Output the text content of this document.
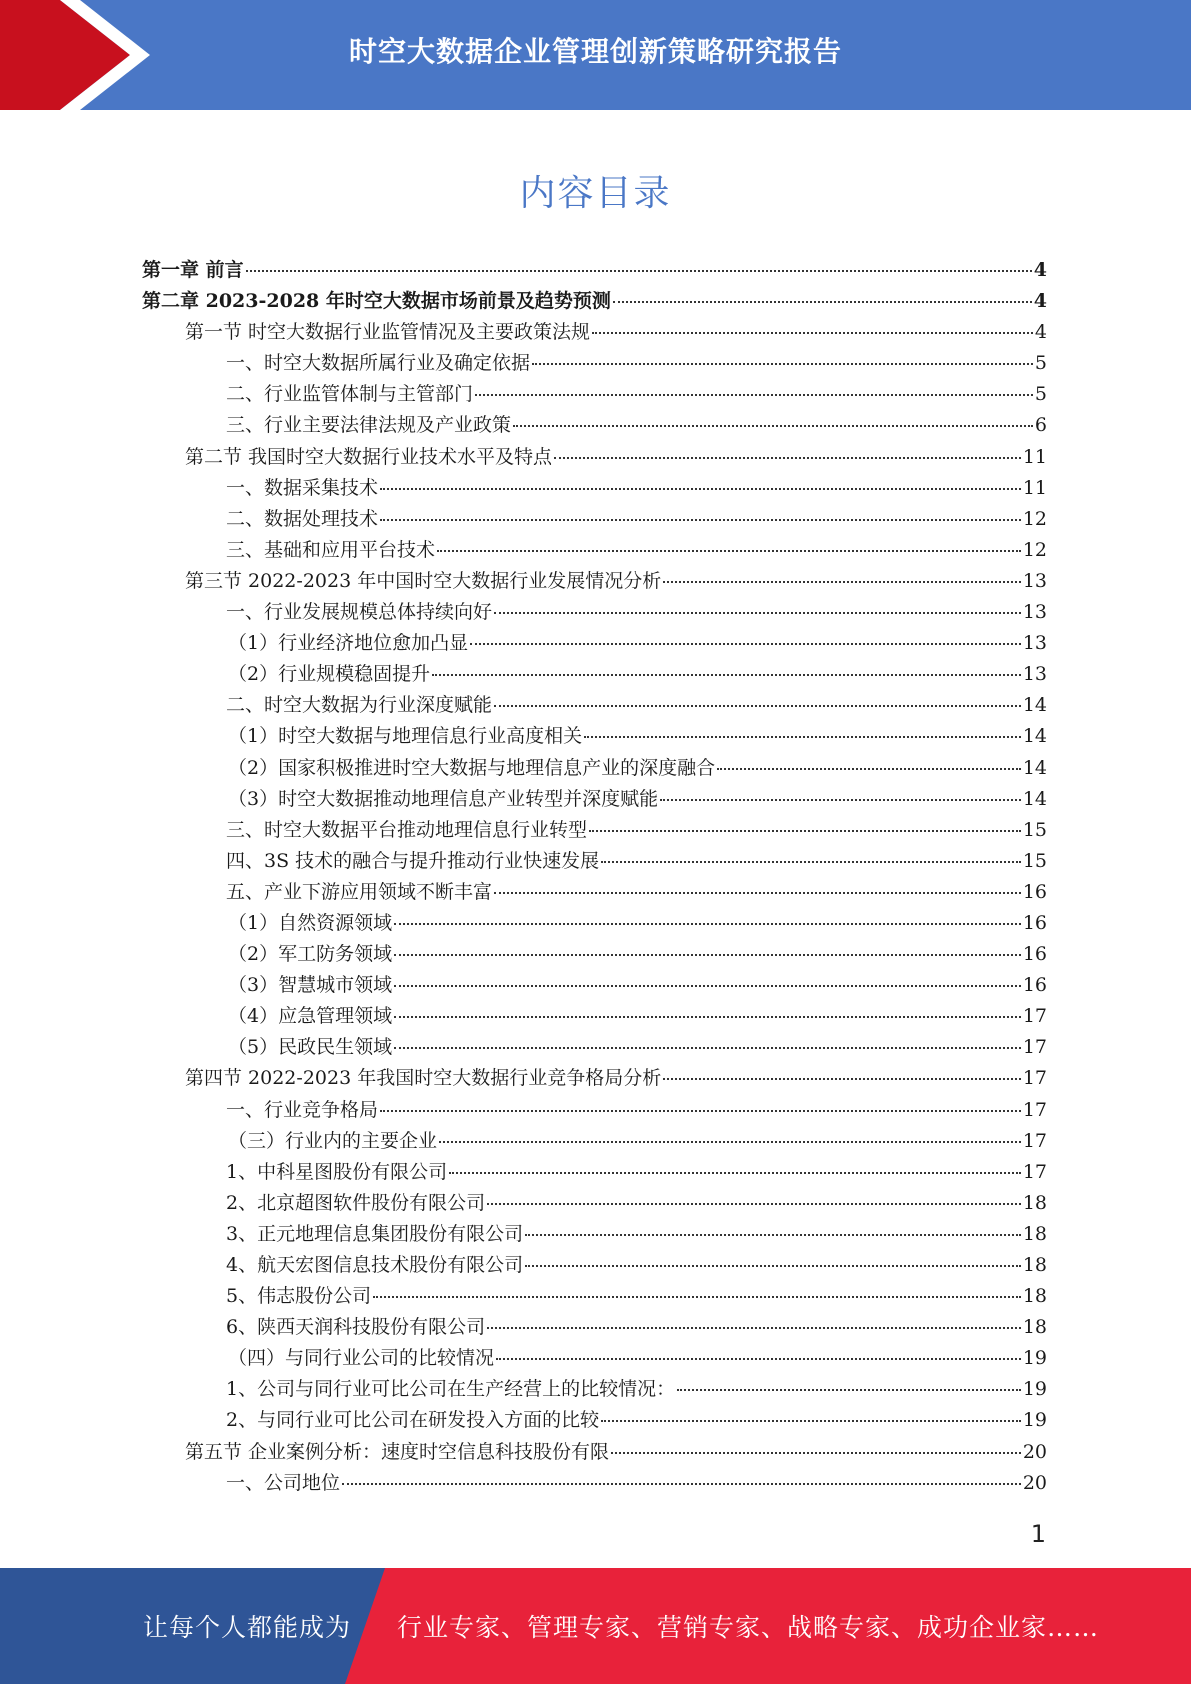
时空大数据企业管理创新策略研究报告
内容目录
第一章 前言	4
第二章 2023-2028 年时空大数据市场前景及趋势预测	4
第一节 时空大数据行业监管情况及主要政策法规	4
一、时空大数据所属行业及确定依据	5
二、行业监管体制与主管部门	5
三、行业主要法律法规及产业政策	6
第二节 我国时空大数据行业技术水平及特点	11
一、数据采集技术	11
二、数据处理技术	12
三、基础和应用平台技术	12
第三节 2022-2023 年中国时空大数据行业发展情况分析	13
一、行业发展规模总体持续向好	13
（1）行业经济地位愈加凸显	13
（2）行业规模稳固提升	13
二、时空大数据为行业深度赋能	14
（1）时空大数据与地理信息行业高度相关	14
（2）国家积极推进时空大数据与地理信息产业的深度融合	14
（3）时空大数据推动地理信息产业转型并深度赋能	14
三、时空大数据平台推动地理信息行业转型	15
四、3S 技术的融合与提升推动行业快速发展	15
五、产业下游应用领域不断丰富	16
（1）自然资源领域	16
（2）军工防务领域	16
（3）智慧城市领域	16
（4）应急管理领域	17
（5）民政民生领域	17
第四节 2022-2023 年我国时空大数据行业竞争格局分析	17
一、行业竞争格局	17
（三）行业内的主要企业	17
1、中科星图股份有限公司	17
2、北京超图软件股份有限公司	18
3、正元地理信息集团股份有限公司	18
4、航天宏图信息技术股份有限公司	18
5、伟志股份公司	18
6、陕西天润科技股份有限公司	18
（四）与同行业公司的比较情况	19
1、公司与同行业可比公司在生产经营上的比较情况：	19
2、与同行业可比公司在研发投入方面的比较	19
第五节 企业案例分析：速度时空信息科技股份有限	20
一、公司地位	20
1
让每个人都能成为 行业专家、管理专家、营销专家、战略专家、成功企业家……
